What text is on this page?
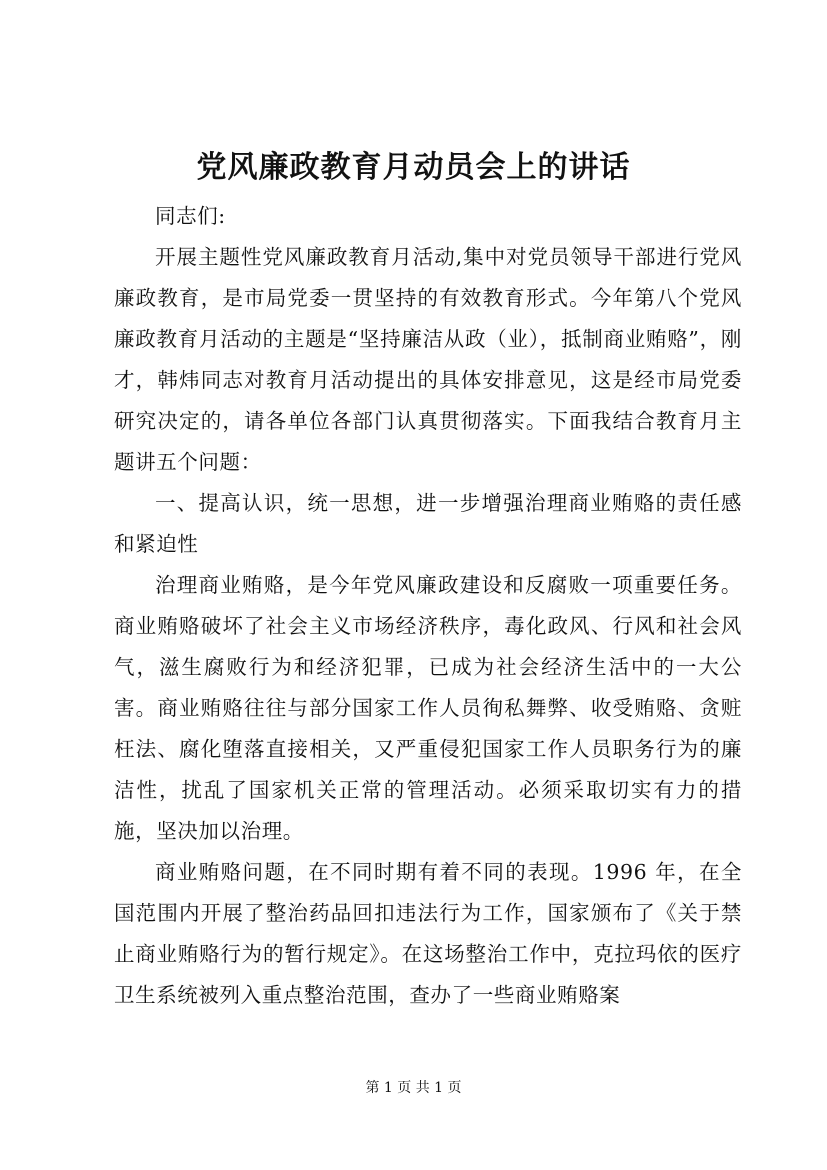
党风廉政教育月动员会上的讲话

同志们:

开展主题性党风廉政教育月活动,集中对党员领导干部进行党风廉政教育，是市局党委一贯坚持的有效教育形式。今年第八个党风廉政教育月活动的主题是“坚持廉洁从政（业），抵制商业贿赂”，刚才，韩炜同志对教育月活动提出的具体安排意见，这是经市局党委研究决定的，请各单位各部门认真贯彻落实。下面我结合教育月主题讲五个问题：

一、提高认识，统一思想，进一步增强治理商业贿赂的责任感和紧迫性

治理商业贿赂，是今年党风廉政建设和反腐败一项重要任务。商业贿赂破坏了社会主义市场经济秩序，毒化政风、行风和社会风气，滋生腐败行为和经济犯罪，已成为社会经济生活中的一大公害。商业贿赂往往与部分国家工作人员徇私舞弊、收受贿赂、贪赃枉法、腐化堕落直接相关，又严重侵犯国家工作人员职务行为的廉洁性，扰乱了国家机关正常的管理活动。必须采取切实有力的措施，坚决加以治理。

商业贿赂问题，在不同时期有着不同的表现。1996 年，在全国范围内开展了整治药品回扣违法行为工作，国家颁布了《关于禁止商业贿赂行为的暂行规定》。在这场整治工作中，克拉玛依的医疗卫生系统被列入重点整治范围，查办了一些商业贿赂案

第 1 页 共 1 页
